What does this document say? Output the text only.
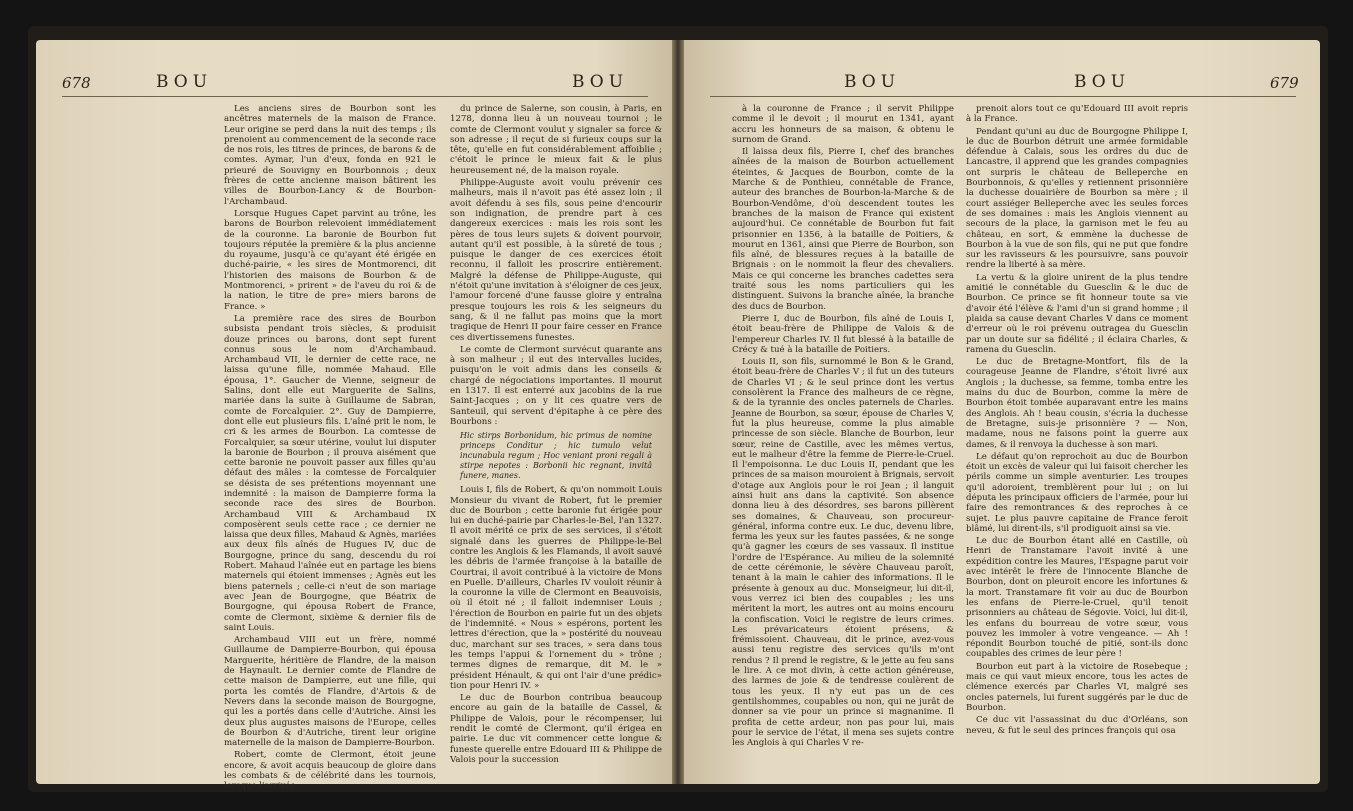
678	BOU	BOU

Les anciens sires de Bourbon sont les ancêtres maternels de la maison de France. Leur origine se perd dans la nuit des temps ; ils prenoient au commencement de la seconde race de nos rois, les titres de princes, de barons & de comtes. Aymar, l'un d'eux, fonda en 921 le prieuré de Souvigny en Bourbonnois ; deux frères de cette ancienne maison bâtirent les villes de Bourbon-Lancy & de Bourbon-l'Archambaud.

Lorsque Hugues Capet parvint au trône, les barons de Bourbon relevoient immédiatement de la couronne. La baronie de Bourbon fut toujours réputée la première & la plus ancienne du royaume, jusqu'à ce qu'ayant été érigée en duché-pairie, « les sires de Montmorenci, dit l'historien des maisons de Bourbon & de Montmorenci, » prirent » de l'aveu du roi & de la nation, le titre de pre» miers barons de France. »

La première race des sires de Bourbon subsista pendant trois siècles, & produisit douze princes ou barons, dont sept furent connus sous le nom d'Archambaud. Archambaud VII, le dernier de cette race, ne laissa qu'une fille, nommée Mahaud. Elle épousa, 1°. Gaucher de Vienne, seigneur de Salins, dont elle eut Marguerite de Salins, mariée dans la suite à Guillaume de Sabran, comte de Forcalquier. 2°. Guy de Dampierre, dont elle eut plusieurs fils. L'aîné prit le nom, le cri & les armes de Bourbon. La comtesse de Forcalquier, sa sœur utérine, voulut lui disputer la baronie de Bourbon ; il prouva aisément que cette baronie ne pouvoit passer aux filles qu'au défaut des mâles : la comtesse de Forcalquier se désista de ses prétentions moyennant une indemnité : la maison de Dampierre forma la seconde race des sires de Bourbon. Archambaud VIII & Archambaud IX composèrent seuls cette race ; ce dernier ne laissa que deux filles, Mahaud & Agnès, mariées aux deux fils aînés de Hugues IV, duc de Bourgogne, prince du sang, descendu du roi Robert. Mahaud l'aînée eut en partage les biens maternels qui étoient immenses ; Agnès eut les biens paternels ; celle-ci n'eut de son mariage avec Jean de Bourgogne, que Béatrix de Bourgogne, qui épousa Robert de France, comte de Clermont, sixième & dernier fils de saint Louis.

Archambaud VIII eut un frère, nommé Guillaume de Dampierre-Bourbon, qui épousa Marguerite, héritière de Flandre, de la maison de Haynault. Le dernier comte de Flandre de cette maison de Dampierre, eut une fille, qui porta les comtés de Flandre, d'Artois & de Nevers dans la seconde maison de Bourgogne, qui les a portés dans celle d'Autriche. Ainsi les deux plus augustes maisons de l'Europe, celles de Bourbon & d'Autriche, tirent leur origine maternelle de la maison de Dampierre-Bourbon.

Robert, comte de Clermont, étoit jeune encore, & avoit acquis beaucoup de gloire dans les combats & de célébrité dans les tournois, lorsque l'arrivée

du prince de Salerne, son cousin, à Paris, en 1278, donna lieu à un nouveau tournoi ; le comte de Clermont voulut y signaler sa force & son adresse ; il reçut de si furieux coups sur la tête, qu'elle en fut considérablement affoiblie ; c'étoit le prince le mieux fait & le plus heureusement né, de la maison royale.

Philippe-Auguste avoit voulu prévenir ces malheurs, mais il n'avoit pas été assez loin ; il avoit défendu à ses fils, sous peine d'encourir son indignation, de prendre part à ces dangereux exercices : mais les rois sont les pères de tous leurs sujets & doivent pourvoir, autant qu'il est possible, à la sûreté de tous ; puisque le danger de ces exercices étoit reconnu, il falloit les proscrire entièrement. Malgré la défense de Philippe-Auguste, qui n'étoit qu'une invitation à s'éloigner de ces jeux, l'amour forcené d'une fausse gloire y entraîna presque toujours les rois & les seigneurs du sang, & il ne fallut pas moins que la mort tragique de Henri II pour faire cesser en France ces divertissemens funestes.

Le comte de Clermont survécut quarante ans à son malheur ; il eut des intervalles lucides, puisqu'on le voit admis dans les conseils & chargé de négociations importantes. Il mourut en 1317. Il est enterré aux jacobins de la rue Saint-Jacques ; on y lit ces quatre vers de Santeuil, qui servent d'épitaphe à ce père des Bourbons :

Hic stirps Borbonidum, hic primus de nomine princeps Conditur ; hic tumulo velut incunabula regum ; Hoc veniant proni regali à stirpe nepotes : Borbonii hic regnant, invitâ funere, manes.

Louis I, fils de Robert, & qu'on nommoit Louis Monsieur du vivant de Robert, fut le premier duc de Bourbon ; cette baronie fut érigée pour lui en duché-pairie par Charles-le-Bel, l'an 1327. Il avoit mérité ce prix de ses services, il s'étoit signalé dans les guerres de Philippe-le-Bel contre les Anglois & les Flamands, il avoit sauvé les débris de l'armée françoise à la bataille de Courtrai, il avoit contribué à la victoire de Mons en Puelle. D'ailleurs, Charles IV vouloit réunir à la couronne la ville de Clermont en Beauvoisis, où il étoit né ; il falloit indemniser Louis ; l'érection de Bourbon en pairie fut un des objets de l'indemnité. « Nous » espérons, portent les lettres d'érection, que la » postérité du nouveau duc, marchant sur ses traces, » sera dans tous les temps l'appui & l'ornement du » trône ; termes dignes de remarque, dit M. le » président Hénault, & qui ont l'air d'une prédic» tion pour Henri IV. »

Le duc de Bourbon contribua beaucoup encore au gain de la bataille de Cassel, & Philippe de Valois, pour le récompenser, lui rendit le comté de Clermont, qu'il érigea en pairie. Le duc vit commencer cette longue & funeste querelle entre Edouard III & Philippe de Valois pour la succession

BOU	BOU	679

à la couronne de France ; il servit Philippe comme il le devoit ; il mourut en 1341, ayant accru les honneurs de sa maison, & obtenu le surnom de Grand.

Il laissa deux fils, Pierre I, chef des branches aînées de la maison de Bourbon actuellement éteintes, & Jacques de Bourbon, comte de la Marche & de Ponthieu, connétable de France, auteur des branches de Bourbon-la-Marche & de Bourbon-Vendôme, d'où descendent toutes les branches de la maison de France qui existent aujourd'hui. Ce connétable de Bourbon fut fait prisonnier en 1356, à la bataille de Poitiers, & mourut en 1361, ainsi que Pierre de Bourbon, son fils aîné, de blessures reçues à la bataille de Brignais : on le nommoit la fleur des chevaliers. Mais ce qui concerne les branches cadettes sera traité sous les noms particuliers qui les distinguent. Suivons la branche aînée, la branche des ducs de Bourbon.

Pierre I, duc de Bourbon, fils aîné de Louis I, étoit beau-frère de Philippe de Valois & de l'empereur Charles IV. Il fut blessé à la bataille de Crécy & tué à la bataille de Poitiers.

Louis II, son fils, surnommé le Bon & le Grand, étoit beau-frère de Charles V ; il fut un des tuteurs de Charles VI ; & le seul prince dont les vertus consolèrent la France des malheurs de ce règne, & de la tyrannie des oncles paternels de Charles. Jeanne de Bourbon, sa sœur, épouse de Charles V, fut la plus heureuse, comme la plus aimable princesse de son siècle. Blanche de Bourbon, leur sœur, reine de Castille, avec les mêmes vertus, eut le malheur d'être la femme de Pierre-le-Cruel. Il l'empoisonna. Le duc Louis II, pendant que les princes de sa maison mouroient à Brignais, servoit d'otage aux Anglois pour le roi Jean ; il languit ainsi huit ans dans la captivité. Son absence donna lieu à des désordres, ses barons pillèrent ses domaines, & Chauveau, son procureur-général, informa contre eux. Le duc, devenu libre, ferma les yeux sur les fautes passées, & ne songe qu'à gagner les cœurs de ses vassaux. Il institue l'ordre de l'Espérance. Au milieu de la solemnité de cette cérémonie, le sévère Chauveau paroît, tenant à la main le cahier des informations. Il le présente à genoux au duc. Monseigneur, lui dit-il, vous verrez ici bien des coupables ; les uns méritent la mort, les autres ont au moins encouru la confiscation. Voici le registre de leurs crimes. Les prévaricateurs étoient présens, & frémissoient. Chauveau, dit le prince, avez-vous aussi tenu registre des services qu'ils m'ont rendus ? Il prend le registre, & le jette au feu sans le lire. A ce mot divin, à cette action généreuse, des larmes de joie & de tendresse coulèrent de tous les yeux. Il n'y eut pas un de ces gentilshommes, coupables ou non, qui ne jurât de donner sa vie pour un prince si magnanime. Il profita de cette ardeur, non pas pour lui, mais pour le service de l'état, il mena ses sujets contre les Anglois à qui Charles V re-

prenoit alors tout ce qu'Edouard III avoit repris à la France.

Pendant qu'uni au duc de Bourgogne Philippe I, le duc de Bourbon détruit une armée formidable défendue à Calais, sous les ordres du duc de Lancastre, il apprend que les grandes compagnies ont surpris le château de Belleperche en Bourbonnois, & qu'elles y retiennent prisonnière la duchesse douairière de Bourbon sa mère ; il court assiéger Belleperche avec les seules forces de ses domaines : mais les Anglois viennent au secours de la place, la garnison met le feu au château, en sort, & emmène la duchesse de Bourbon à la vue de son fils, qui ne put que fondre sur les ravisseurs & les poursuivre, sans pouvoir rendre la liberté à sa mère.

La vertu & la gloire unirent de la plus tendre amitié le connétable du Guesclin & le duc de Bourbon. Ce prince se fit honneur toute sa vie d'avoir été l'élève & l'ami d'un si grand homme ; il plaida sa cause devant Charles V dans ce moment d'erreur où le roi prévenu outragea du Guesclin par un doute sur sa fidélité ; il éclaira Charles, & ramena du Guesclin.

Le duc de Bretagne-Montfort, fils de la courageuse Jeanne de Flandre, s'étoit livré aux Anglois ; la duchesse, sa femme, tomba entre les mains du duc de Bourbon, comme la mère de Bourbon étoit tombée auparavant entre les mains des Anglois. Ah ! beau cousin, s'écria la duchesse de Bretagne, suis-je prisonnière ? — Non, madame, nous ne faisons point la guerre aux dames, & il renvoya la duchesse à son mari.

Le défaut qu'on reprochoit au duc de Bourbon étoit un excès de valeur qui lui faisoit chercher les périls comme un simple aventurier. Les troupes qu'il adoroient, tremblèrent pour lui ; on lui députa les principaux officiers de l'armée, pour lui faire des remontrances & des reproches à ce sujet. Le plus pauvre capitaine de France feroit blâmé, lui dirent-ils, s'il prodiguoit ainsi sa vie.

Le duc de Bourbon étant allé en Castille, où Henri de Transtamare l'avoit invité à une expédition contre les Maures, l'Espagne parut voir avec intérêt le frère de l'innocente Blanche de Bourbon, dont on pleuroit encore les infortunes & la mort. Transtamare fit voir au duc de Bourbon les enfans de Pierre-le-Cruel, qu'il tenoit prisonniers au château de Ségovie. Voici, lui dit-il, les enfans du bourreau de votre sœur, vous pouvez les immoler à votre vengeance. — Ah ! répondit Bourbon touché de pitié, sont-ils donc coupables des crimes de leur père !

Bourbon eut part à la victoire de Rosebeque ; mais ce qui vaut mieux encore, tous les actes de clémence exercés par Charles VI, malgré ses oncles paternels, lui furent suggérés par le duc de Bourbon.

Ce duc vit l'assassinat du duc d'Orléans, son neveu, & fut le seul des princes françois qui osa
